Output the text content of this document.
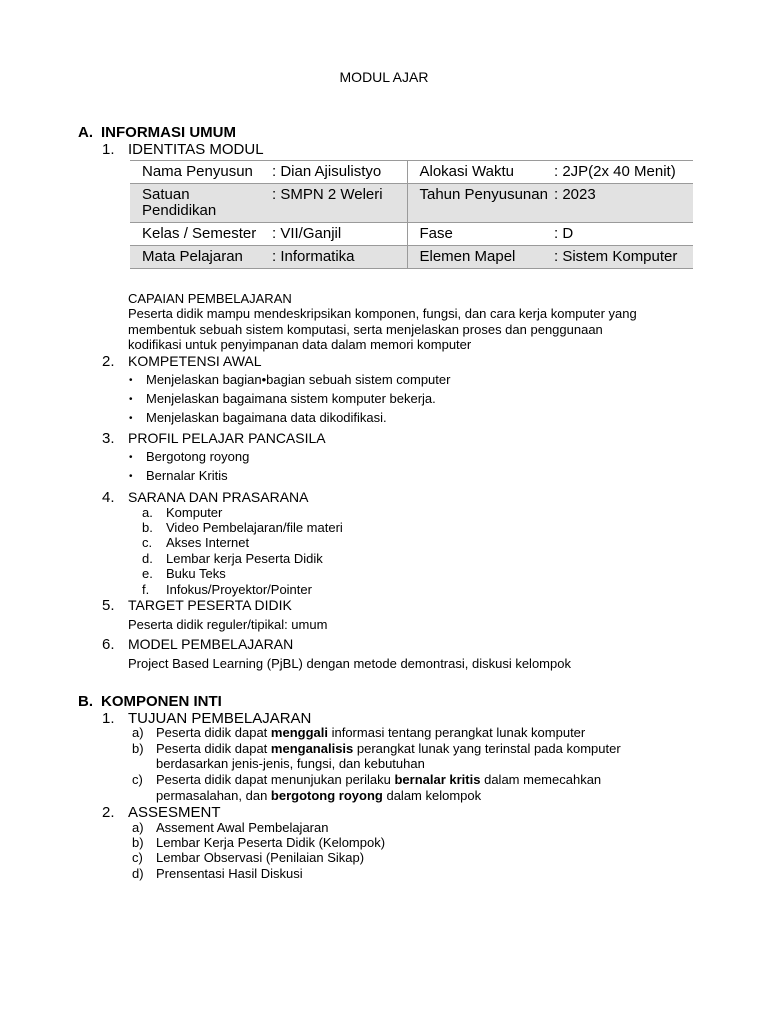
MODUL AJAR
A. INFORMASI UMUM
1. IDENTITAS MODUL
Nama Penyusun	: Dian Ajisulistyo	Alokasi Waktu	: 2JP(2x 40 Menit)
Satuan Pendidikan	: SMPN 2 Weleri	Tahun Penyusunan	: 2023
Kelas / Semester	: VII/Ganjil	Fase	: D
Mata Pelajaran	: Informatika	Elemen Mapel	: Sistem Komputer
CAPAIAN PEMBELAJARAN
Peserta didik mampu mendeskripsikan komponen, fungsi, dan cara kerja komputer yang
membentuk sebuah sistem komputasi, serta menjelaskan proses dan penggunaan
kodifikasi untuk penyimpanan data dalam memori komputer
2. KOMPETENSI AWAL
• Menjelaskan bagian•bagian sebuah sistem computer
• Menjelaskan bagaimana sistem komputer bekerja.
• Menjelaskan bagaimana data dikodifikasi.
3. PROFIL PELAJAR PANCASILA
• Bergotong royong
• Bernalar Kritis
4. SARANA DAN PRASARANA
a. Komputer
b. Video Pembelajaran/file materi
c. Akses Internet
d. Lembar kerja Peserta Didik
e. Buku Teks
f. Infokus/Proyektor/Pointer
5. TARGET PESERTA DIDIK
Peserta didik reguler/tipikal: umum
6. MODEL PEMBELAJARAN
Project Based Learning (PjBL) dengan metode demontrasi, diskusi kelompok
B. KOMPONEN INTI
1. TUJUAN PEMBELAJARAN
a) Peserta didik dapat menggali informasi tentang perangkat lunak komputer
b) Peserta didik dapat menganalisis perangkat lunak yang terinstal pada komputer
berdasarkan jenis-jenis, fungsi, dan kebutuhan
c) Peserta didik dapat menunjukan perilaku bernalar kritis dalam memecahkan
permasalahan, dan bergotong royong dalam kelompok
2. ASSESMENT
a) Assement Awal Pembelajaran
b) Lembar Kerja Peserta Didik (Kelompok)
c) Lembar Observasi (Penilaian Sikap)
d) Prensentasi Hasil Diskusi
